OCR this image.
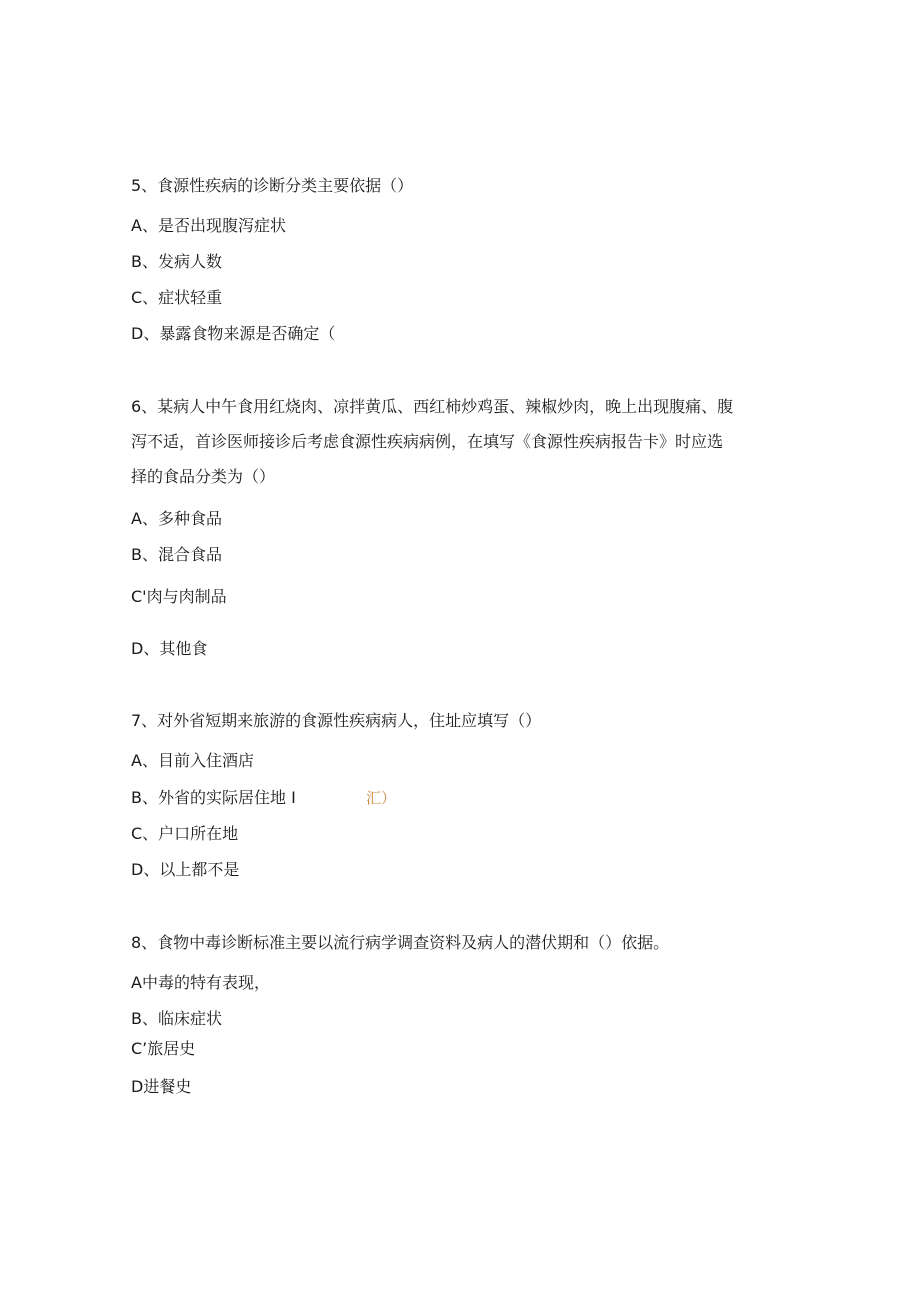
5、食源性疾病的诊断分类主要依据（）
A、是否出现腹泻症状
B、发病人数
C、症状轻重
D、暴露食物来源是否确定（
6、某病人中午食用红烧肉、凉拌黄瓜、西红柿炒鸡蛋、辣椒炒肉，晚上出现腹痛、腹
泻不适，首诊医师接诊后考虑食源性疾病病例，在填写《食源性疾病报告卡》时应选
择的食品分类为（）
A、多种食品
B、混合食品
C'肉与肉制品
D、其他食
7、对外省短期来旅游的食源性疾病病人，住址应填写（）
A、目前入住酒店
B、外省的实际居住地 I	汇）
C、户口所在地
D、以上都不是
8、食物中毒诊断标准主要以流行病学调查资料及病人的潜伏期和（）依据。
A中毒的特有表现，
B、临床症状
C’旅居史
D进餐史
